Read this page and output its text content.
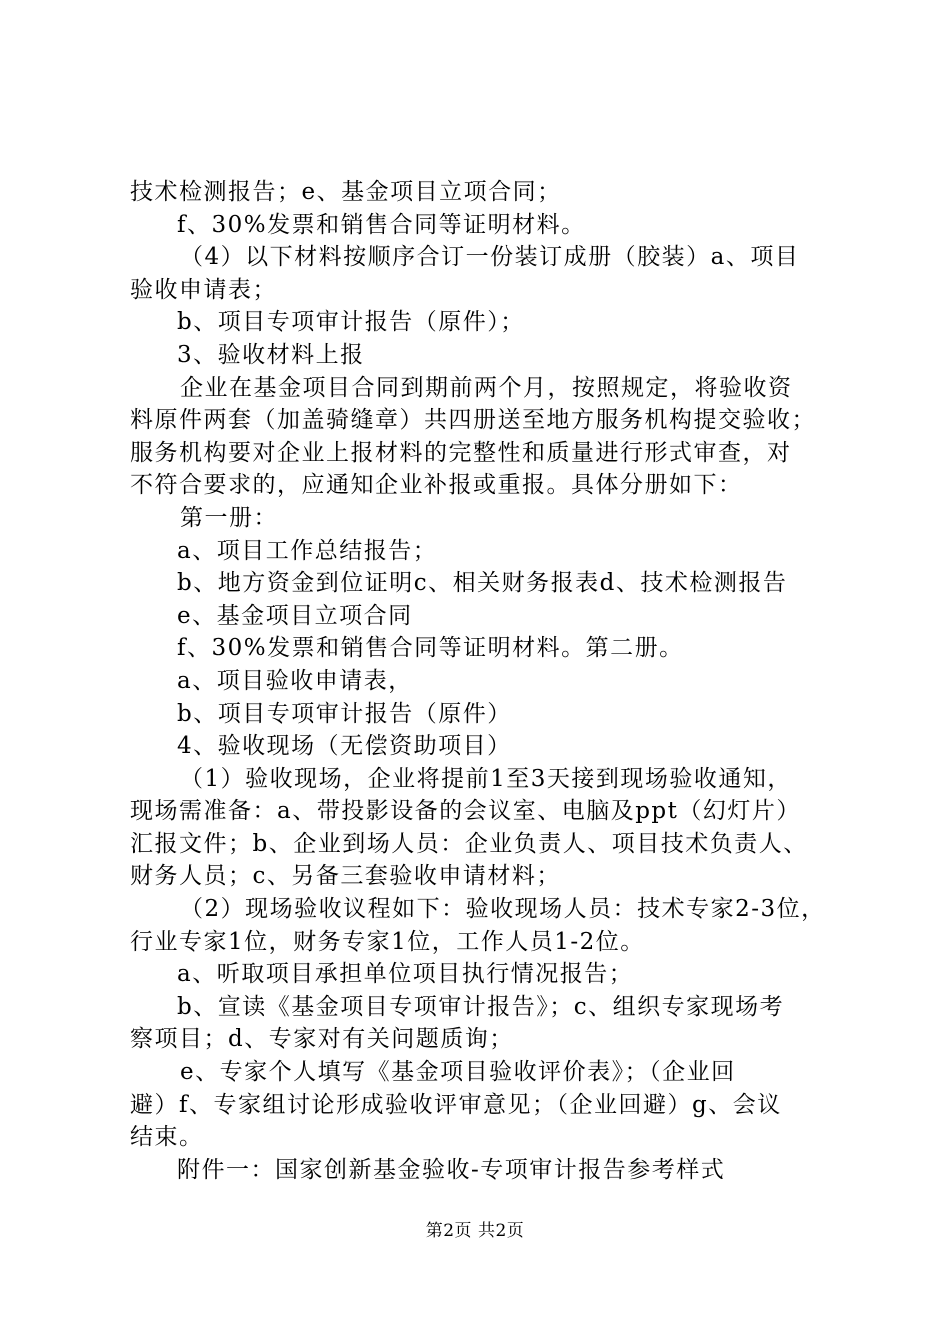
技术检测报告；e、基金项目立项合同；
f、30%发票和销售合同等证明材料。
（4）以下材料按顺序合订一份装订成册（胶装）a、项目
验收申请表；
b、项目专项审计报告（原件）；
3、验收材料上报
企业在基金项目合同到期前两个月，按照规定，将验收资
料原件两套（加盖骑缝章）共四册送至地方服务机构提交验收；
服务机构要对企业上报材料的完整性和质量进行形式审查，对
不符合要求的，应通知企业补报或重报。具体分册如下：
第一册：
a、项目工作总结报告；
b、地方资金到位证明c、相关财务报表d、技术检测报告
e、基金项目立项合同
f、30%发票和销售合同等证明材料。第二册。
a、项目验收申请表，
b、项目专项审计报告（原件）
4、验收现场（无偿资助项目）
（1）验收现场，企业将提前1至3天接到现场验收通知，
现场需准备：a、带投影设备的会议室、电脑及ppt（幻灯片）
汇报文件；b、企业到场人员：企业负责人、项目技术负责人、
财务人员；c、另备三套验收申请材料；
（2）现场验收议程如下：验收现场人员：技术专家2-3位，
行业专家1位，财务专家1位，工作人员1-2位。
a、听取项目承担单位项目执行情况报告；
b、宣读《基金项目专项审计报告》；c、组织专家现场考
察项目；d、专家对有关问题质询；
e、专家个人填写《基金项目验收评价表》；（企业回
避）f、专家组讨论形成验收评审意见；（企业回避）g、会议
结束。
附件一：国家创新基金验收-专项审计报告参考样式
第2页 共2页
